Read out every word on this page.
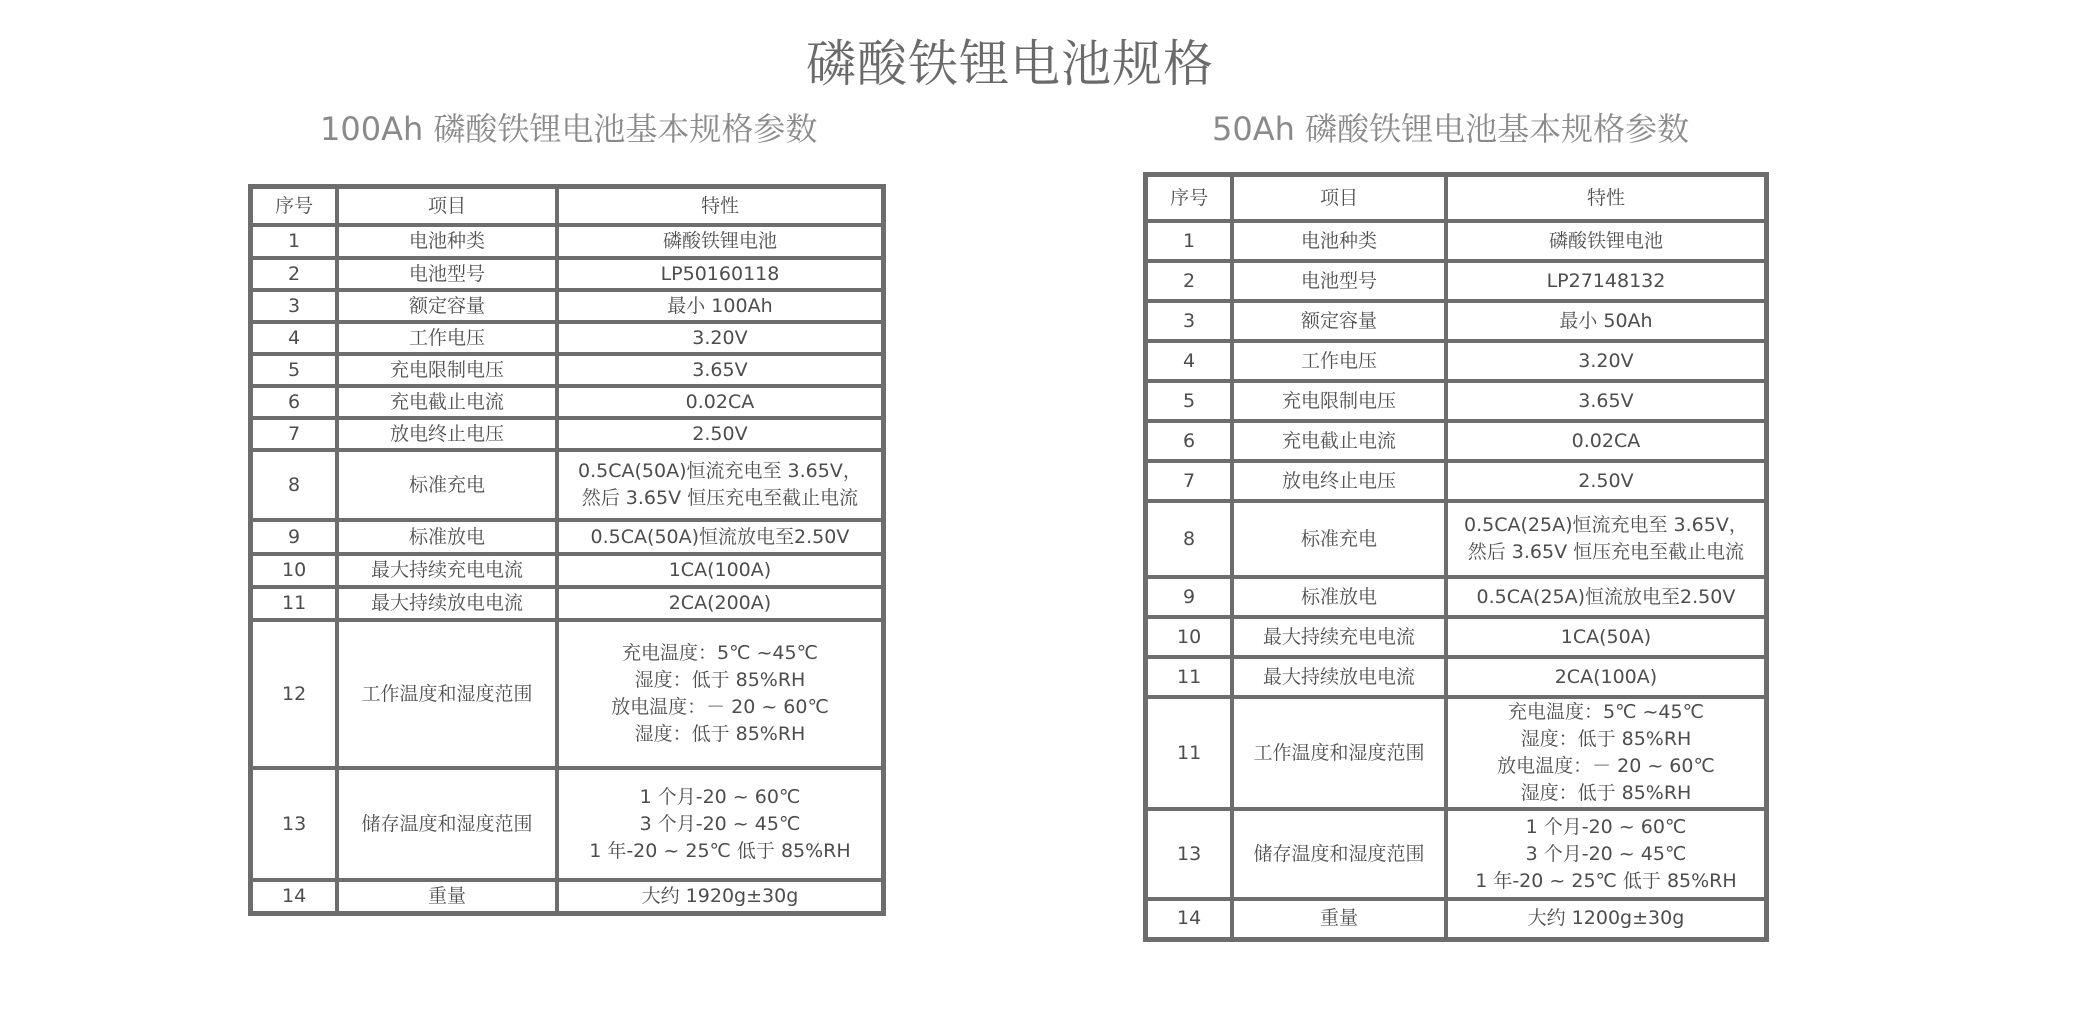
磷酸铁锂电池规格
100Ah 磷酸铁锂电池基本规格参数	50Ah 磷酸铁锂电池基本规格参数
序号	项目	特性
1	电池种类	磷酸铁锂电池

2	电池型号	LP50160118

3	额定容量	最小 100Ah

4	工作电压	3.20V

5	充电限制电压	3.65V

6	充电截止电流	0.02CA

7	放电终止电压	2.50V

8	标准充电	0.5CA(50A)恒流充电至 3.65V，
然后 3.65V 恒压充电至截止电流

9	标准放电	0.5CA(50A)恒流放电至2.50V

10	最大持续充电电流	1CA(100A)

11	最大持续放电电流	2CA(200A)

12	工作温度和湿度范围	充电温度：5℃ ~45℃
湿度：低于 85%RH
放电温度：－ 20 ~ 60℃
湿度：低于 85%RH

13	储存温度和湿度范围	1 个月-20 ~ 60℃
3 个月-20 ~ 45℃
1 年-20 ~ 25℃ 低于 85%RH

14	重量	大约 1920g±30g
序号	项目	特性
1	电池种类	磷酸铁锂电池

2	电池型号	LP27148132

3	额定容量	最小 50Ah

4	工作电压	3.20V

5	充电限制电压	3.65V

6	充电截止电流	0.02CA

7	放电终止电压	2.50V

8	标准充电	0.5CA(25A)恒流充电至 3.65V，
然后 3.65V 恒压充电至截止电流

9	标准放电	0.5CA(25A)恒流放电至2.50V

10	最大持续充电电流	1CA(50A)

11	最大持续放电电流	2CA(100A)

11	工作温度和湿度范围	充电温度：5℃ ~45℃
湿度：低于 85%RH
放电温度：－ 20 ~ 60℃
湿度：低于 85%RH

13	储存温度和湿度范围	1 个月-20 ~ 60℃
3 个月-20 ~ 45℃
1 年-20 ~ 25℃ 低于 85%RH

14	重量	大约 1200g±30g
